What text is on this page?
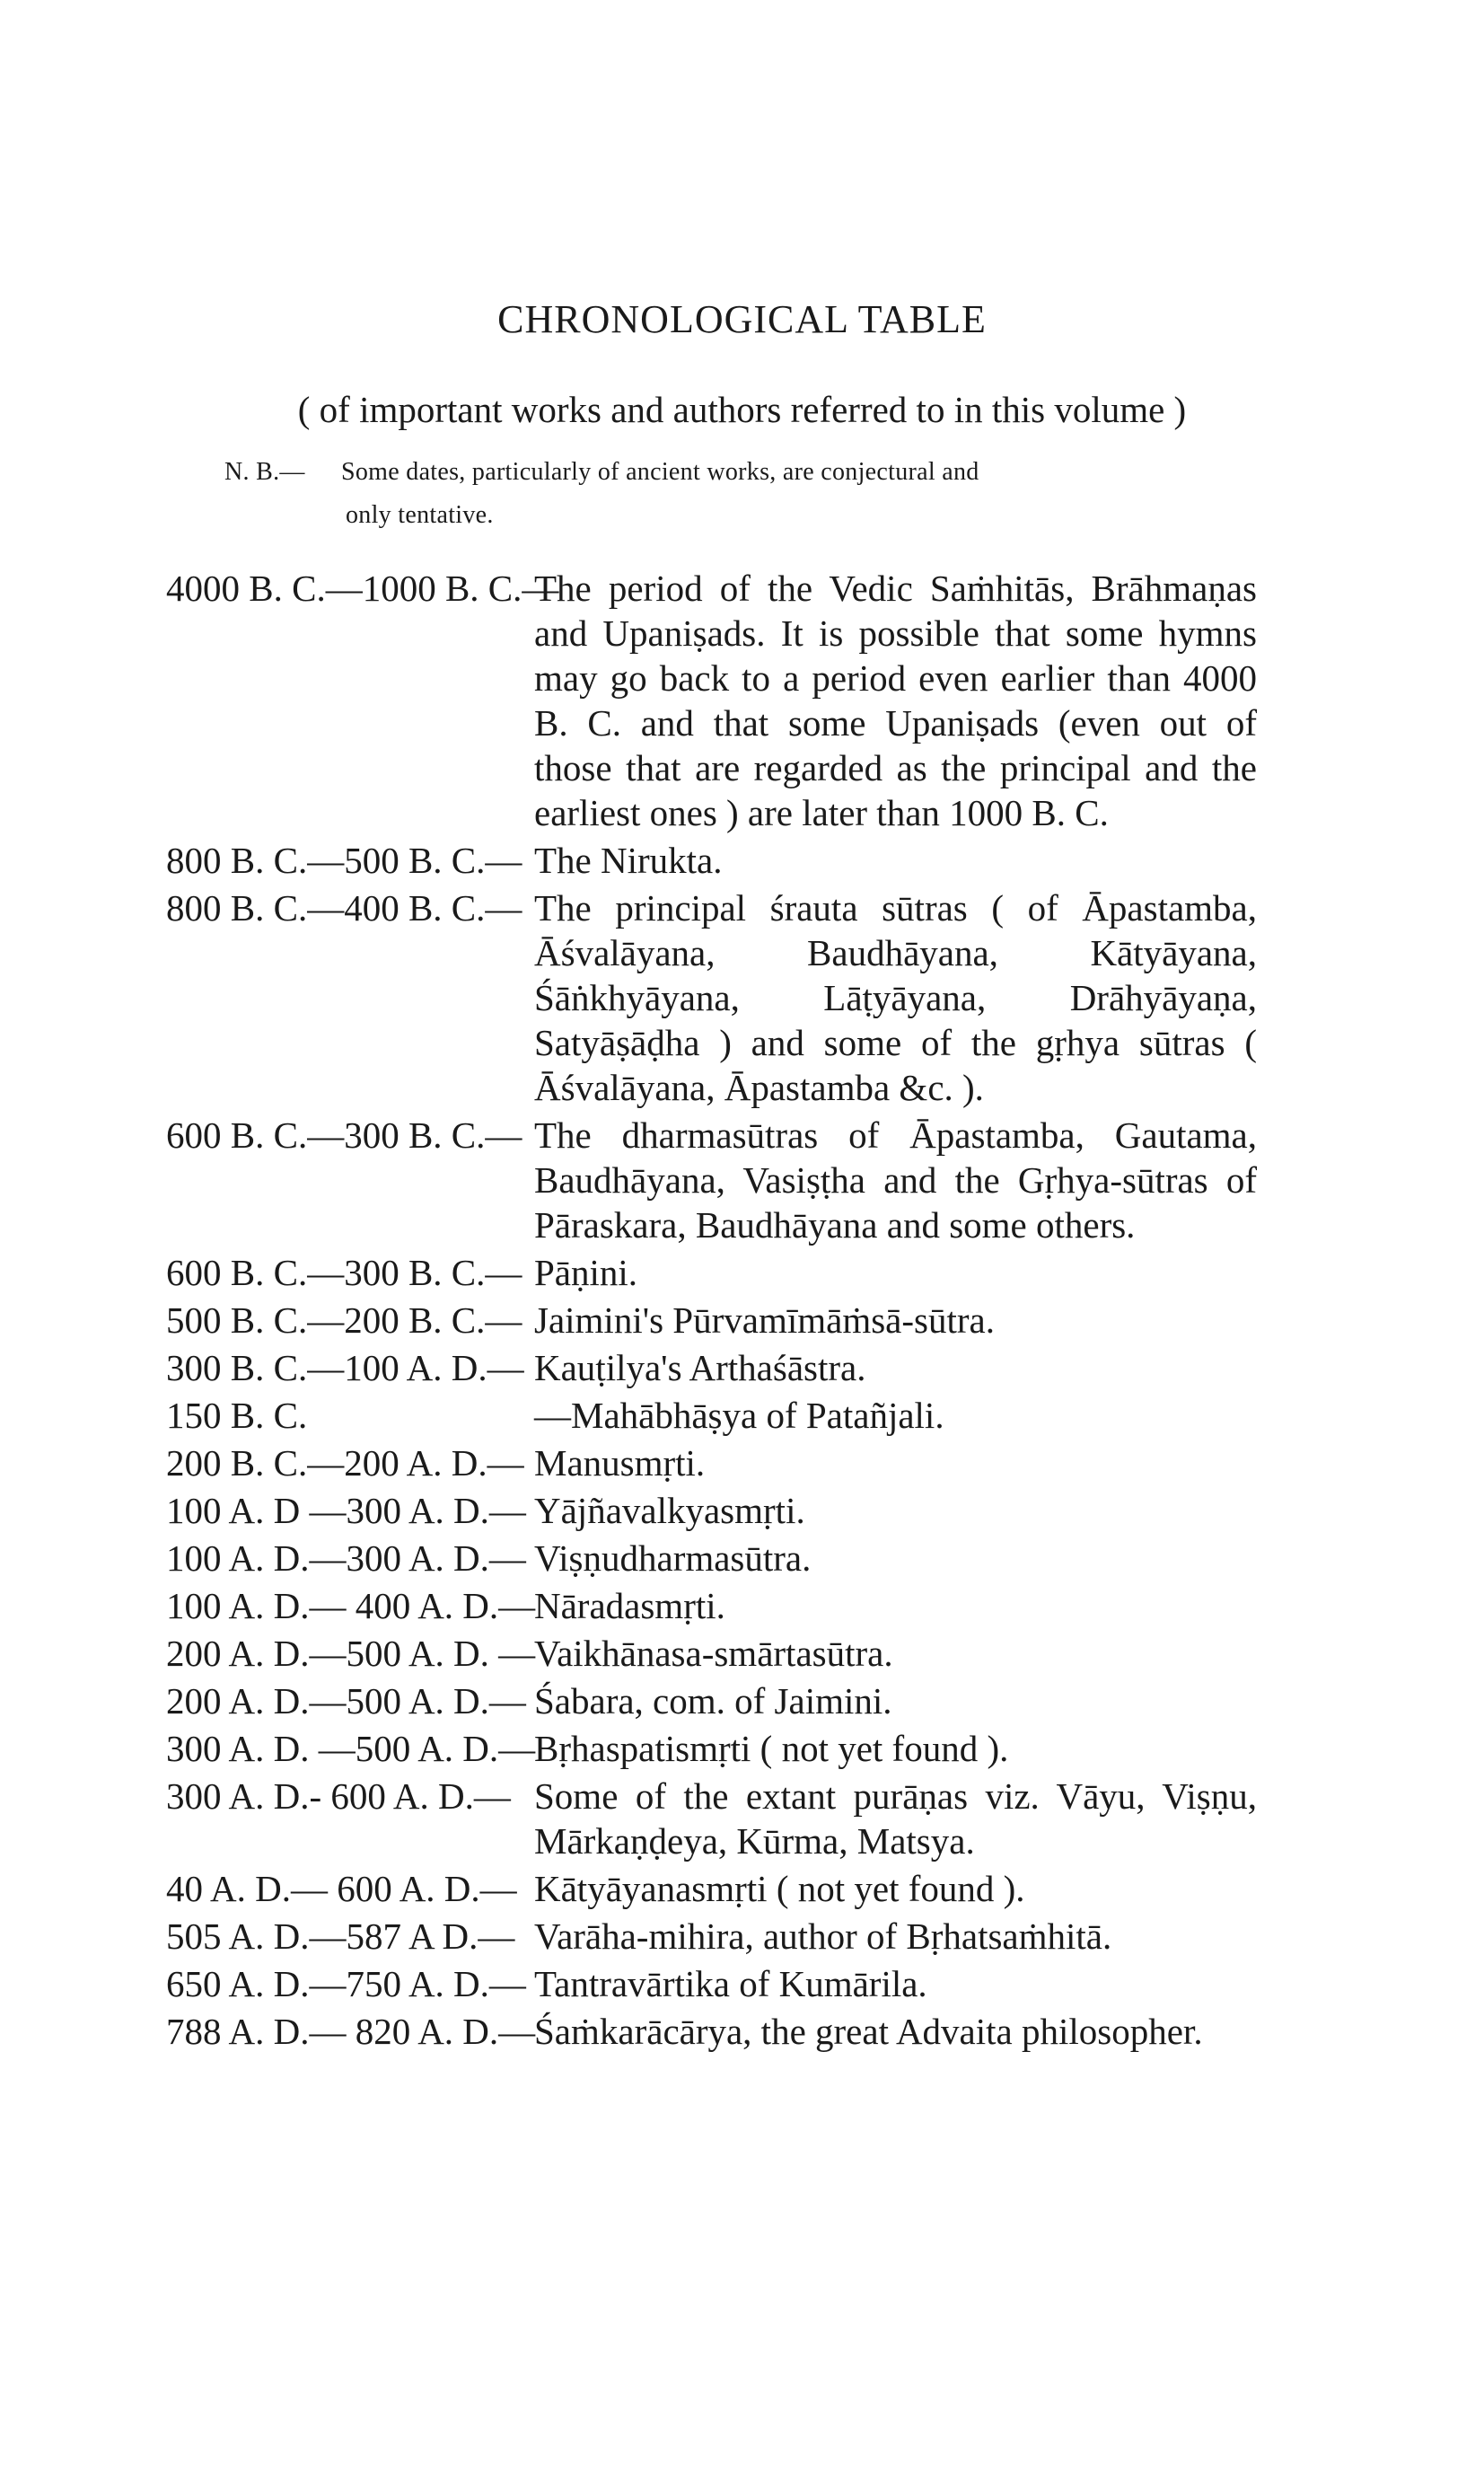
CHRONOLOGICAL TABLE

( of important works and authors referred to in this volume )

N. B.— Some dates, particularly of ancient works, are conjectural and
only tentative.

4000 B. C.—1000 B. C.—
The period of the Vedic Saṁhitās, Brāhmaṇas and Upaniṣads. It is possible that some hymns may go back to a period even earlier than 4000 B. C. and that some Upaniṣads (even out of those that are regarded as the principal and the earliest ones ) are later than 1000 B. C.
800 B. C.—500 B. C.— The Nirukta.
800 B. C.—400 B. C.— The principal śrauta sūtras ( of Āpastamba, Āśvalāyana, Baudhāyana, Kātyāyana, Śāṅkhyāyana, Lāṭyāyana, Drāhyāyaṇa, Satyāṣāḍha ) and some of the gṛhya sūtras ( Āśvalāyana, Āpastamba &c. ).
600 B. C.—300 B. C.— The dharmasūtras of Āpastamba, Gautama, Baudhāyana, Vasiṣṭha and the Gṛhya-sūtras of Pāraskara, Baudhāyana and some others.
600 B. C.—300 B. C.— Pāṇini.
500 B. C.—200 B. C.— Jaimini's Pūrvamīmāṁsā-sūtra.
300 B. C.—100 A. D.— Kauṭilya's Arthaśāstra.
150 B. C.	—Mahābhāṣya of Patañjali.
200 B. C.—200 A. D.— Manusmṛti.
100 A. D —300 A. D.— Yājñavalkyasmṛti.
100 A. D.—300 A. D.— Viṣṇudharmasūtra.
100 A. D.— 400 A. D.—
Nāradasmṛti.
200 A. D.—500 A. D. —
Vaikhānasa-smārtasūtra.
200 A. D.—500 A. D.— Śabara, com. of Jaimini.
300 A. D. —500 A. D.—
Bṛhaspatismṛti ( not yet found ).
300 A. D.- 600 A. D.— Some of the extant purāṇas viz. Vāyu, Viṣṇu, Mārkaṇḍeya, Kūrma, Matsya.
40 A. D.— 600 A. D.— Kātyāyanasmṛti ( not yet found ).
505 A. D.—587 A D.— Varāha-mihira, author of Bṛhatsaṁhitā.
650 A. D.—750 A. D.— Tantravārtika of Kumārila.
788 A. D.— 820 A. D.—
Śaṁkarācārya, the great Advaita philosopher.
